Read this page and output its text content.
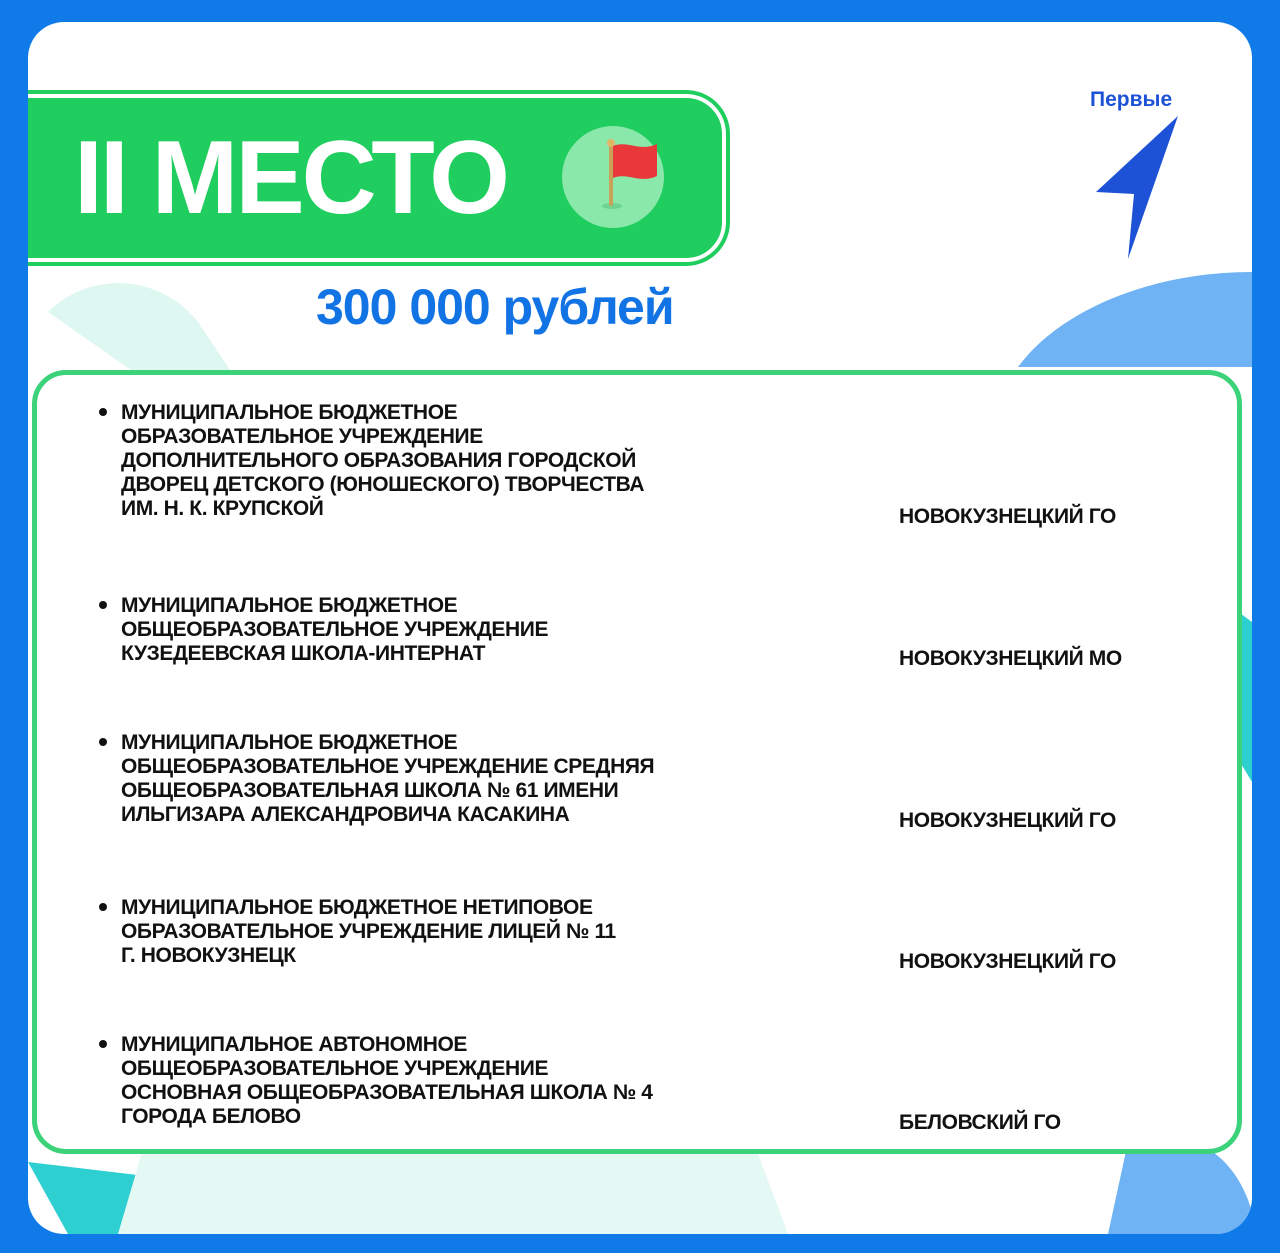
II МЕСТО
300 000 рублей
Первые
МУНИЦИПАЛЬНОЕ БЮДЖЕТНОЕ
ОБРАЗОВАТЕЛЬНОЕ УЧРЕЖДЕНИЕ
ДОПОЛНИТЕЛЬНОГО ОБРАЗОВАНИЯ ГОРОДСКОЙ
ДВОРЕЦ ДЕТСКОГО (ЮНОШЕСКОГО) ТВОРЧЕСТВА
ИМ. Н. К. КРУПСКОЙ	НОВОКУЗНЕЦКИЙ ГО
МУНИЦИПАЛЬНОЕ БЮДЖЕТНОЕ
ОБЩЕОБРАЗОВАТЕЛЬНОЕ УЧРЕЖДЕНИЕ
КУЗЕДЕЕВСКАЯ ШКОЛА-ИНТЕРНАТ	НОВОКУЗНЕЦКИЙ МО
МУНИЦИПАЛЬНОЕ БЮДЖЕТНОЕ
ОБЩЕОБРАЗОВАТЕЛЬНОЕ УЧРЕЖДЕНИЕ СРЕДНЯЯ
ОБЩЕОБРАЗОВАТЕЛЬНАЯ ШКОЛА № 61 ИМЕНИ
ИЛЬГИЗАРА АЛЕКСАНДРОВИЧА КАСАКИНА	НОВОКУЗНЕЦКИЙ ГО
МУНИЦИПАЛЬНОЕ БЮДЖЕТНОЕ НЕТИПОВОЕ
ОБРАЗОВАТЕЛЬНОЕ УЧРЕЖДЕНИЕ ЛИЦЕЙ № 11
Г. НОВОКУЗНЕЦК	НОВОКУЗНЕЦКИЙ ГО
МУНИЦИПАЛЬНОЕ АВТОНОМНОЕ
ОБЩЕОБРАЗОВАТЕЛЬНОЕ УЧРЕЖДЕНИЕ
ОСНОВНАЯ ОБЩЕОБРАЗОВАТЕЛЬНАЯ ШКОЛА № 4
ГОРОДА БЕЛОВО	БЕЛОВСКИЙ ГО
